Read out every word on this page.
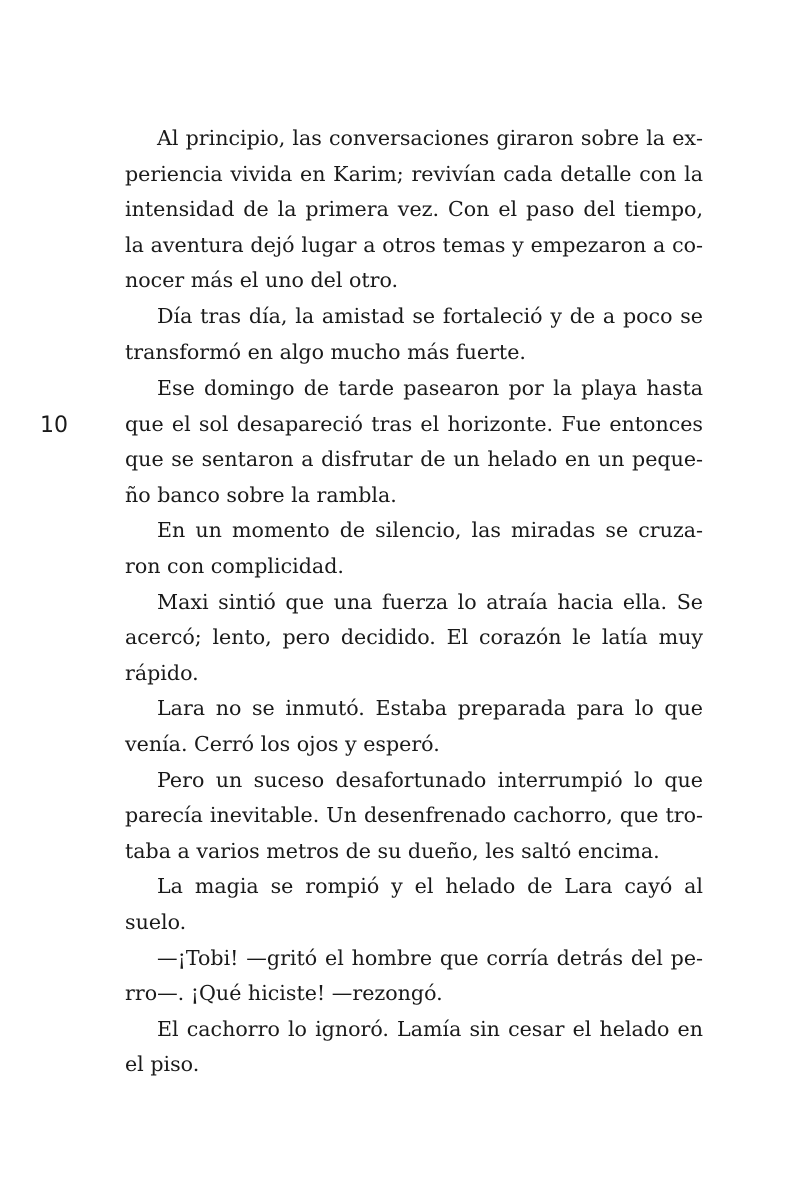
10

Al principio, las conversaciones giraron sobre la experiencia vivida en Karim; revivían cada detalle con la intensidad de la primera vez. Con el paso del tiempo, la aventura dejó lugar a otros temas y empezaron a conocer más el uno del otro.

Día tras día, la amistad se fortaleció y de a poco se transformó en algo mucho más fuerte.

Ese domingo de tarde pasearon por la playa hasta que el sol desapareció tras el horizonte. Fue entonces que se sentaron a disfrutar de un helado en un pequeño banco sobre la rambla.

En un momento de silencio, las miradas se cruzaron con complicidad.

Maxi sintió que una fuerza lo atraía hacia ella. Se acercó; lento, pero decidido. El corazón le latía muy rápido.

Lara no se inmutó. Estaba preparada para lo que venía. Cerró los ojos y esperó.

Pero un suceso desafortunado interrumpió lo que parecía inevitable. Un desenfrenado cachorro, que trotaba a varios metros de su dueño, les saltó encima.

La magia se rompió y el helado de Lara cayó al suelo.

—¡Tobi! —gritó el hombre que corría detrás del perro—. ¡Qué hiciste! —rezongó.

El cachorro lo ignoró. Lamía sin cesar el helado en el piso.
